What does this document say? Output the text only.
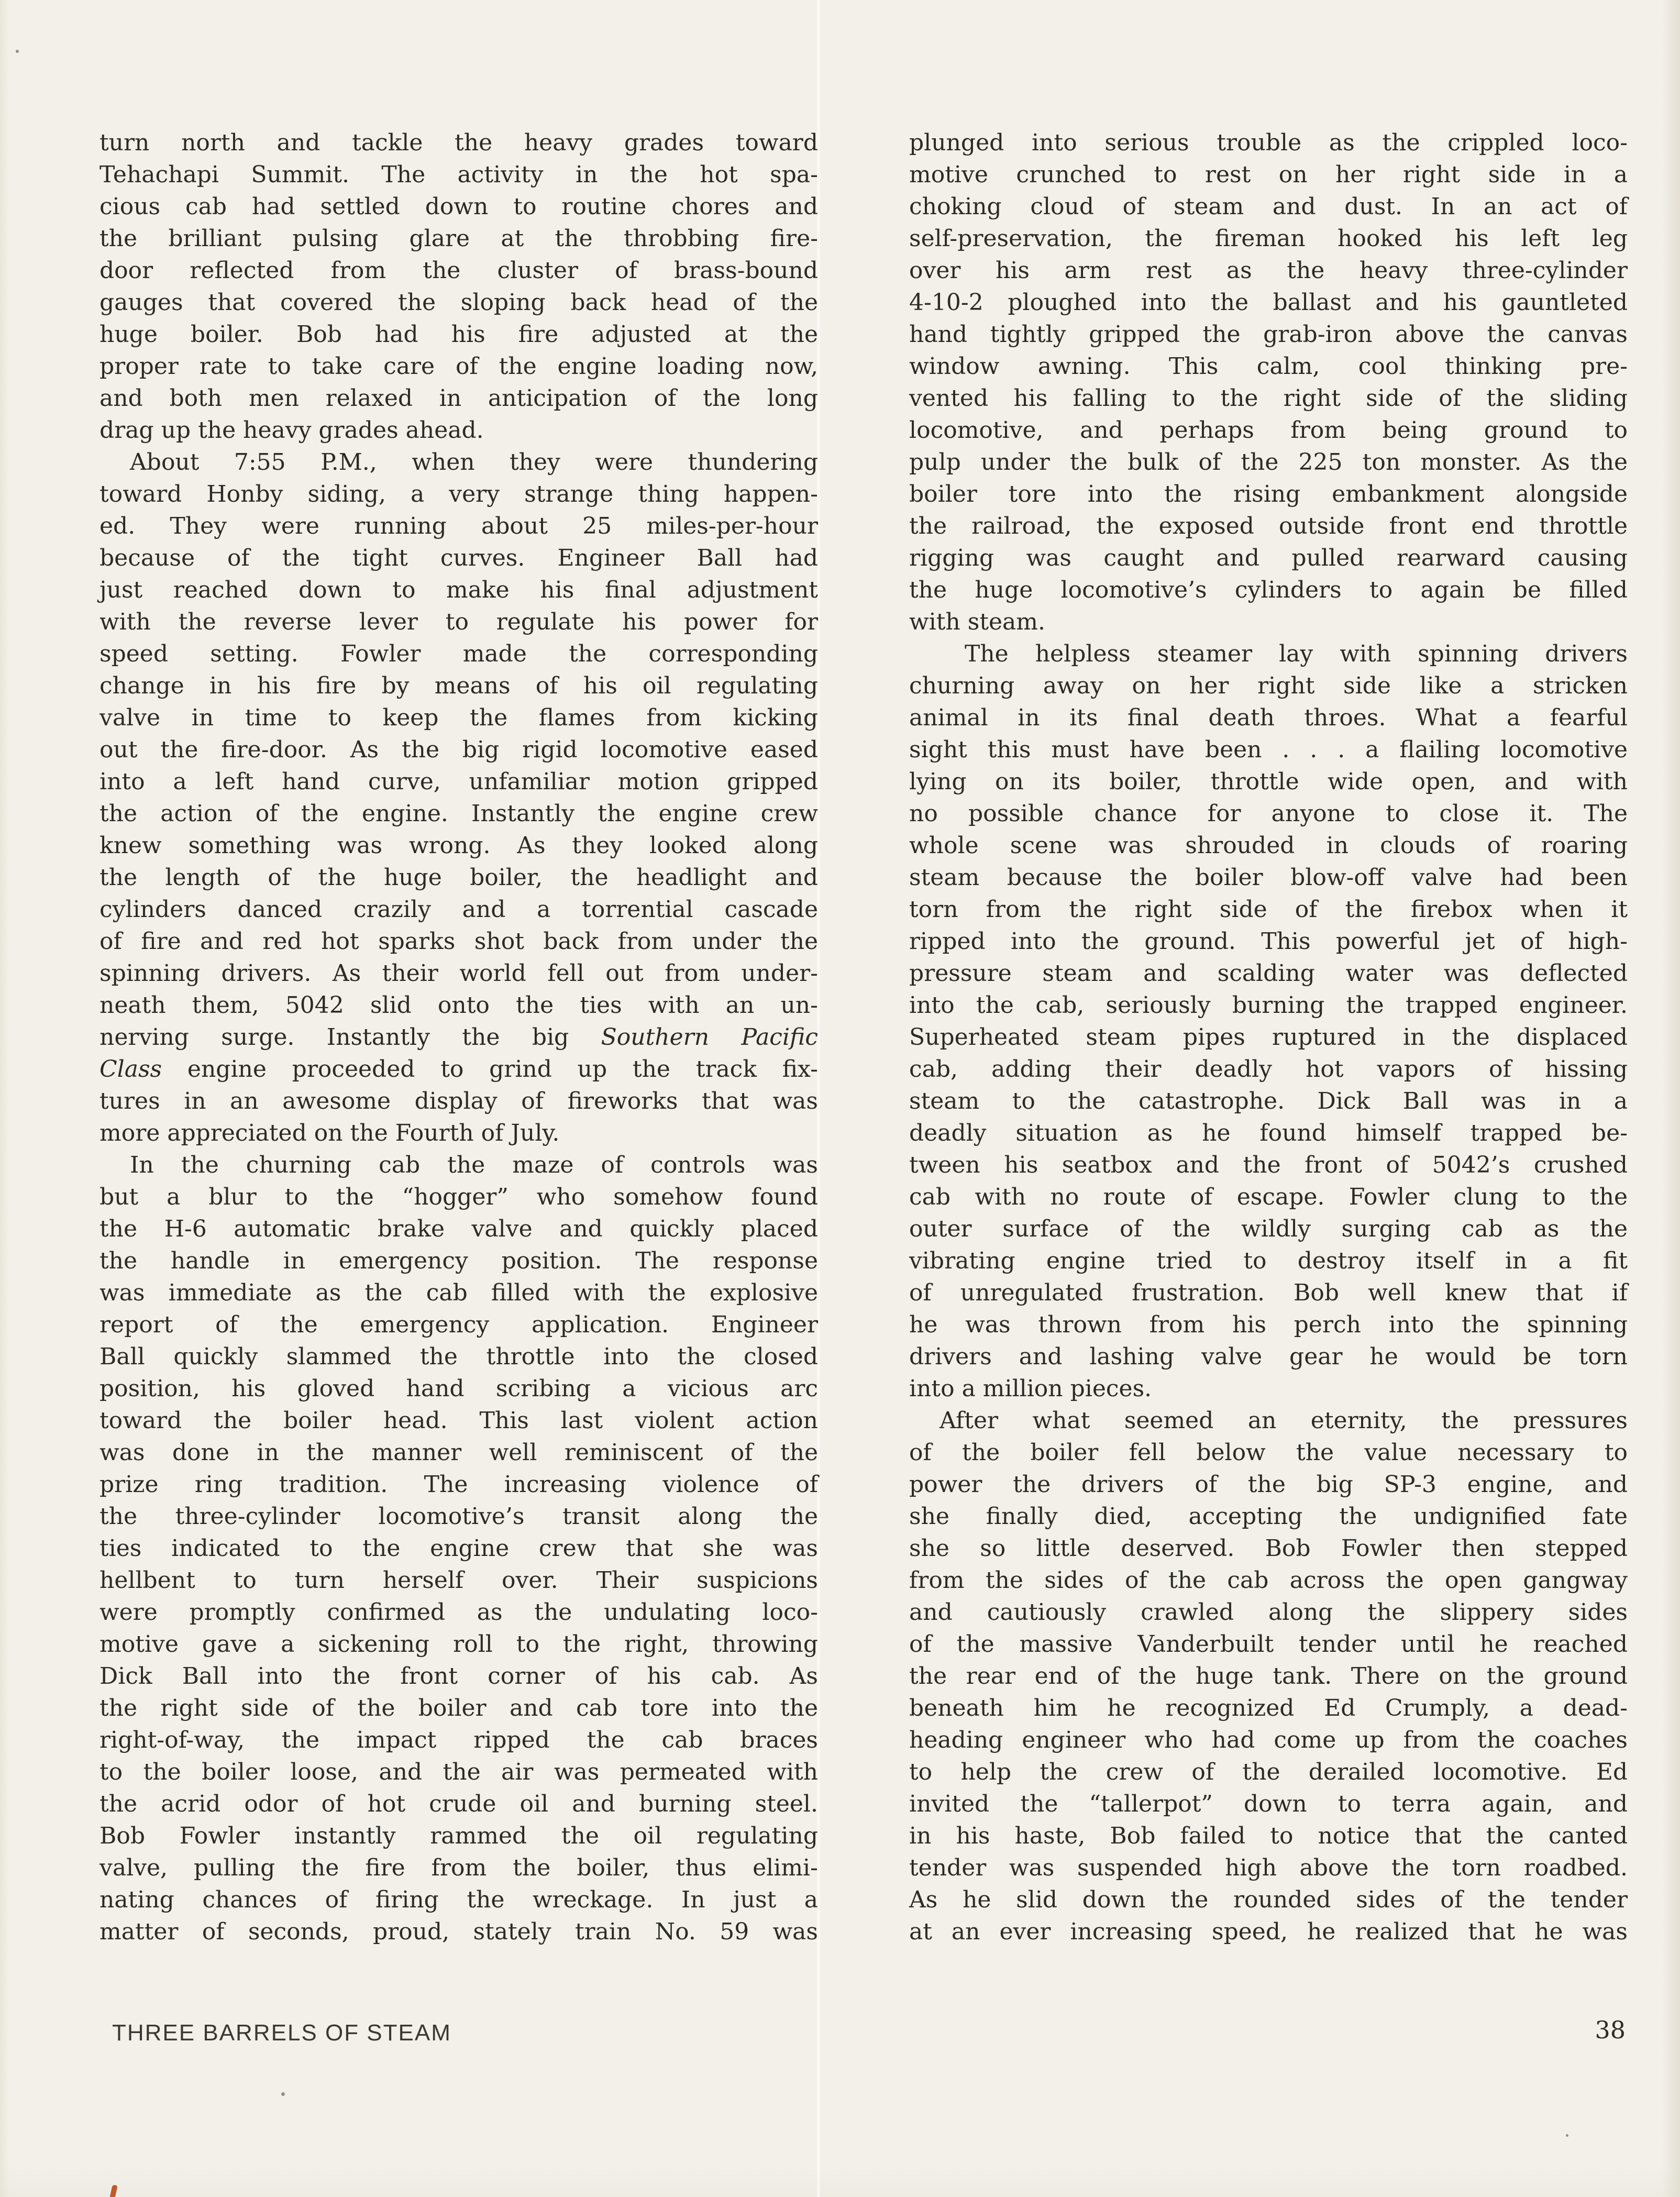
turn north and tackle the heavy grades toward
Tehachapi Summit. The activity in the hot spa-
cious cab had settled down to routine chores and
the brilliant pulsing glare at the throbbing fire-
door reflected from the cluster of brass-bound
gauges that covered the sloping back head of the
huge boiler. Bob had his fire adjusted at the
proper rate to take care of the engine loading now,
and both men relaxed in anticipation of the long
drag up the heavy grades ahead.
About 7:55 P.M., when they were thundering
toward Honby siding, a very strange thing happen-
ed. They were running about 25 miles-per-hour
because of the tight curves. Engineer Ball had
just reached down to make his final adjustment
with the reverse lever to regulate his power for
speed setting. Fowler made the corresponding
change in his fire by means of his oil regulating
valve in time to keep the flames from kicking
out the fire-door. As the big rigid locomotive eased
into a left hand curve, unfamiliar motion gripped
the action of the engine. Instantly the engine crew
knew something was wrong. As they looked along
the length of the huge boiler, the headlight and
cylinders danced crazily and a torrential cascade
of fire and red hot sparks shot back from under the
spinning drivers. As their world fell out from under-
neath them, 5042 slid onto the ties with an un-
nerving surge. Instantly the big Southern Pacific
Class engine proceeded to grind up the track fix-
tures in an awesome display of fireworks that was
more appreciated on the Fourth of July.
In the churning cab the maze of controls was
but a blur to the “hogger” who somehow found
the H-6 automatic brake valve and quickly placed
the handle in emergency position. The response
was immediate as the cab filled with the explosive
report of the emergency application. Engineer
Ball quickly slammed the throttle into the closed
position, his gloved hand scribing a vicious arc
toward the boiler head. This last violent action
was done in the manner well reminiscent of the
prize ring tradition. The increasing violence of
the three-cylinder locomotive’s transit along the
ties indicated to the engine crew that she was
hellbent to turn herself over. Their suspicions
were promptly confirmed as the undulating loco-
motive gave a sickening roll to the right, throwing
Dick Ball into the front corner of his cab. As
the right side of the boiler and cab tore into the
right-of-way, the impact ripped the cab braces
to the boiler loose, and the air was permeated with
the acrid odor of hot crude oil and burning steel.
Bob Fowler instantly rammed the oil regulating
valve, pulling the fire from the boiler, thus elimi-
nating chances of firing the wreckage. In just a
matter of seconds, proud, stately train No. 59 was
plunged into serious trouble as the crippled loco-
motive crunched to rest on her right side in a
choking cloud of steam and dust. In an act of
self-preservation, the fireman hooked his left leg
over his arm rest as the heavy three-cylinder
4-10-2 ploughed into the ballast and his gauntleted
hand tightly gripped the grab-iron above the canvas
window awning. This calm, cool thinking pre-
vented his falling to the right side of the sliding
locomotive, and perhaps from being ground to
pulp under the bulk of the 225 ton monster. As the
boiler tore into the rising embankment alongside
the railroad, the exposed outside front end throttle
rigging was caught and pulled rearward causing
the huge locomotive’s cylinders to again be filled
with steam.
The helpless steamer lay with spinning drivers
churning away on her right side like a stricken
animal in its final death throes. What a fearful
sight this must have been . . . a flailing locomotive
lying on its boiler, throttle wide open, and with
no possible chance for anyone to close it. The
whole scene was shrouded in clouds of roaring
steam because the boiler blow-off valve had been
torn from the right side of the firebox when it
ripped into the ground. This powerful jet of high-
pressure steam and scalding water was deflected
into the cab, seriously burning the trapped engineer.
Superheated steam pipes ruptured in the displaced
cab, adding their deadly hot vapors of hissing
steam to the catastrophe. Dick Ball was in a
deadly situation as he found himself trapped be-
tween his seatbox and the front of 5042’s crushed
cab with no route of escape. Fowler clung to the
outer surface of the wildly surging cab as the
vibrating engine tried to destroy itself in a fit
of unregulated frustration. Bob well knew that if
he was thrown from his perch into the spinning
drivers and lashing valve gear he would be torn
into a million pieces.
After what seemed an eternity, the pressures
of the boiler fell below the value necessary to
power the drivers of the big SP-3 engine, and
she finally died, accepting the undignified fate
she so little deserved. Bob Fowler then stepped
from the sides of the cab across the open gangway
and cautiously crawled along the slippery sides
of the massive Vanderbuilt tender until he reached
the rear end of the huge tank. There on the ground
beneath him he recognized Ed Crumply, a dead-
heading engineer who had come up from the coaches
to help the crew of the derailed locomotive. Ed
invited the “tallerpot” down to terra again, and
in his haste, Bob failed to notice that the canted
tender was suspended high above the torn roadbed.
As he slid down the rounded sides of the tender
at an ever increasing speed, he realized that he was
THREE BARRELS OF STEAM	38
